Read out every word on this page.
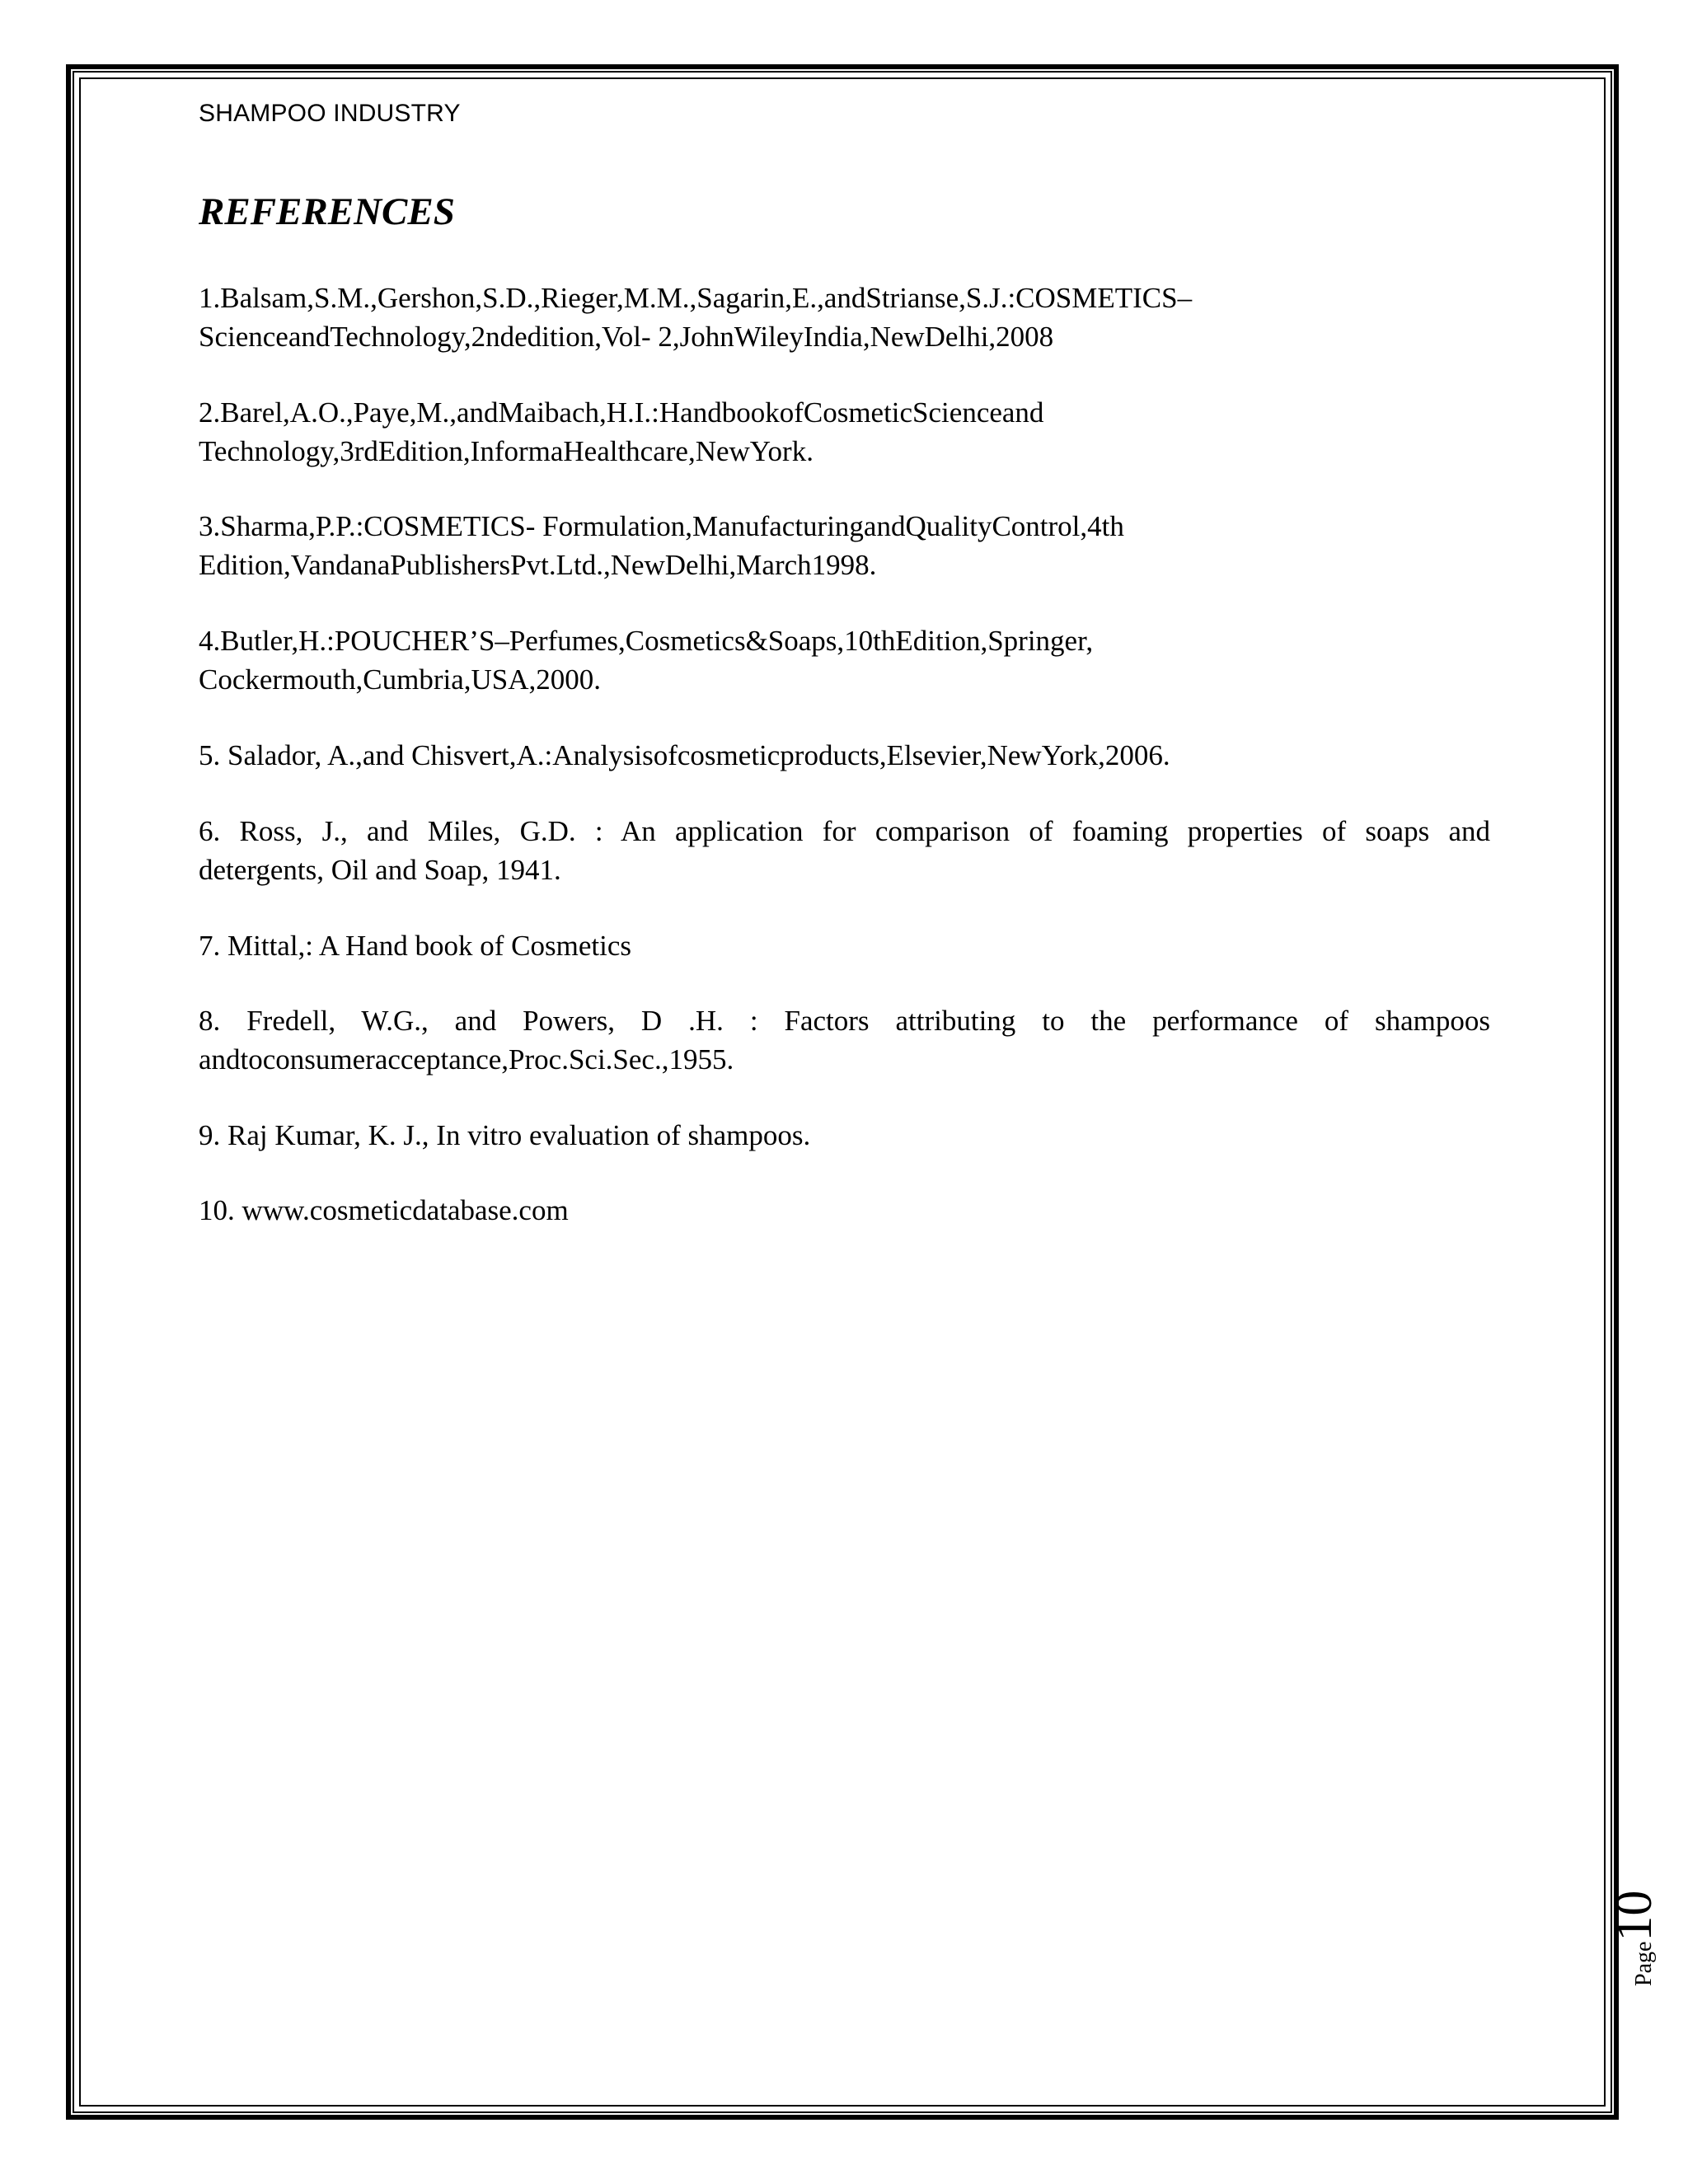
SHAMPOO INDUSTRY
REFERENCES
1.Balsam,S.M.,Gershon,S.D.,Rieger,M.M.,Sagarin,E.,andStrianse,S.J.:COSMETICS–
ScienceandTechnology,2ndedition,Vol- 2,JohnWileyIndia,NewDelhi,2008
2.Barel,A.O.,Paye,M.,andMaibach,H.I.:HandbookofCosmeticScienceand
Technology,3rdEdition,InformaHealthcare,NewYork.
3.Sharma,P.P.:COSMETICS- Formulation,ManufacturingandQualityControl,4th
Edition,VandanaPublishersPvt.Ltd.,NewDelhi,March1998.
4.Butler,H.:POUCHER’S–Perfumes,Cosmetics&Soaps,10thEdition,Springer,
Cockermouth,Cumbria,USA,2000.
5. Salador, A.,and Chisvert,A.:Analysisofcosmeticproducts,Elsevier,NewYork,2006.
6. Ross, J., and Miles, G.D. : An application for comparison of foaming properties of soaps and
detergents, Oil and Soap, 1941.
7. Mittal,: A Hand book of Cosmetics
8. Fredell, W.G., and Powers, D .H. : Factors attributing to the performance of shampoos
andtoconsumeracceptance,Proc.Sci.Sec.,1955.
9. Raj Kumar, K. J., In vitro evaluation of shampoos.
10. www.cosmeticdatabase.com
Page10
